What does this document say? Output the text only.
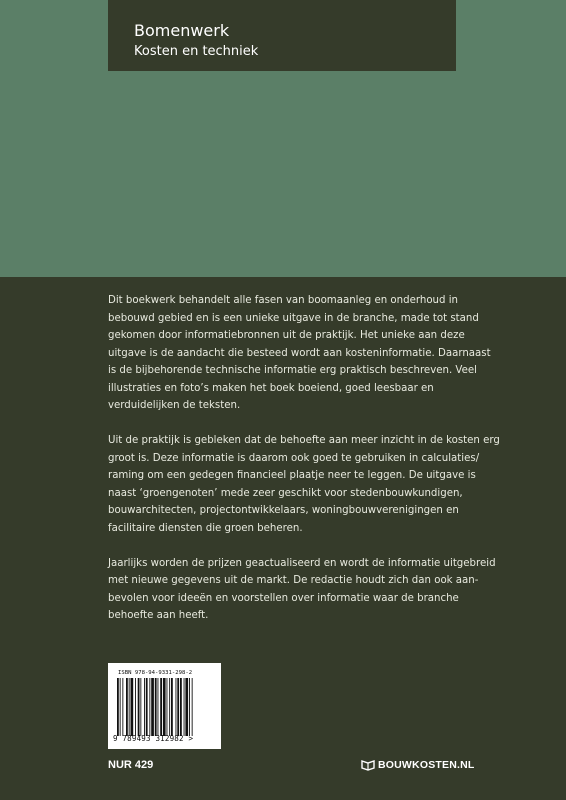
Bomenwerk
Kosten en techniek

Dit boekwerk behandelt alle fasen van boomaanleg en onderhoud in bebouwd gebied en is een unieke uitgave in de branche, made tot stand gekomen door informatiebronnen uit de praktijk. Het unieke aan deze uitgave is de aandacht die besteed wordt aan kosteninformatie. Daarnaast is de bijbehorende technische informatie erg praktisch beschreven. Veel illustraties en foto’s maken het boek boeiend, goed leesbaar en verduidelijken de teksten.

Uit de praktijk is gebleken dat de behoefte aan meer inzicht in de kosten erg groot is. Deze informatie is daarom ook goed te gebruiken in calculaties/ raming om een gedegen financieel plaatje neer te leggen. De uitgave is naast ‘groengenoten’ mede zeer geschikt voor stedenbouwkundigen, bouwarchitecten, projectontwikkelaars, woningbouwverenigingen en facilitaire diensten die groen beheren.

Jaarlijks worden de prijzen geactualiseerd en wordt de informatie uitgebreid met nieuwe gegevens uit de markt. De redactie houdt zich dan ook aan- bevolen voor ideeën en voorstellen over informatie waar de branche behoefte aan heeft.

ISBN 978-94-9331-298-2
9 789493 312982 >
NUR 429	BOUWKOSTEN.NL
